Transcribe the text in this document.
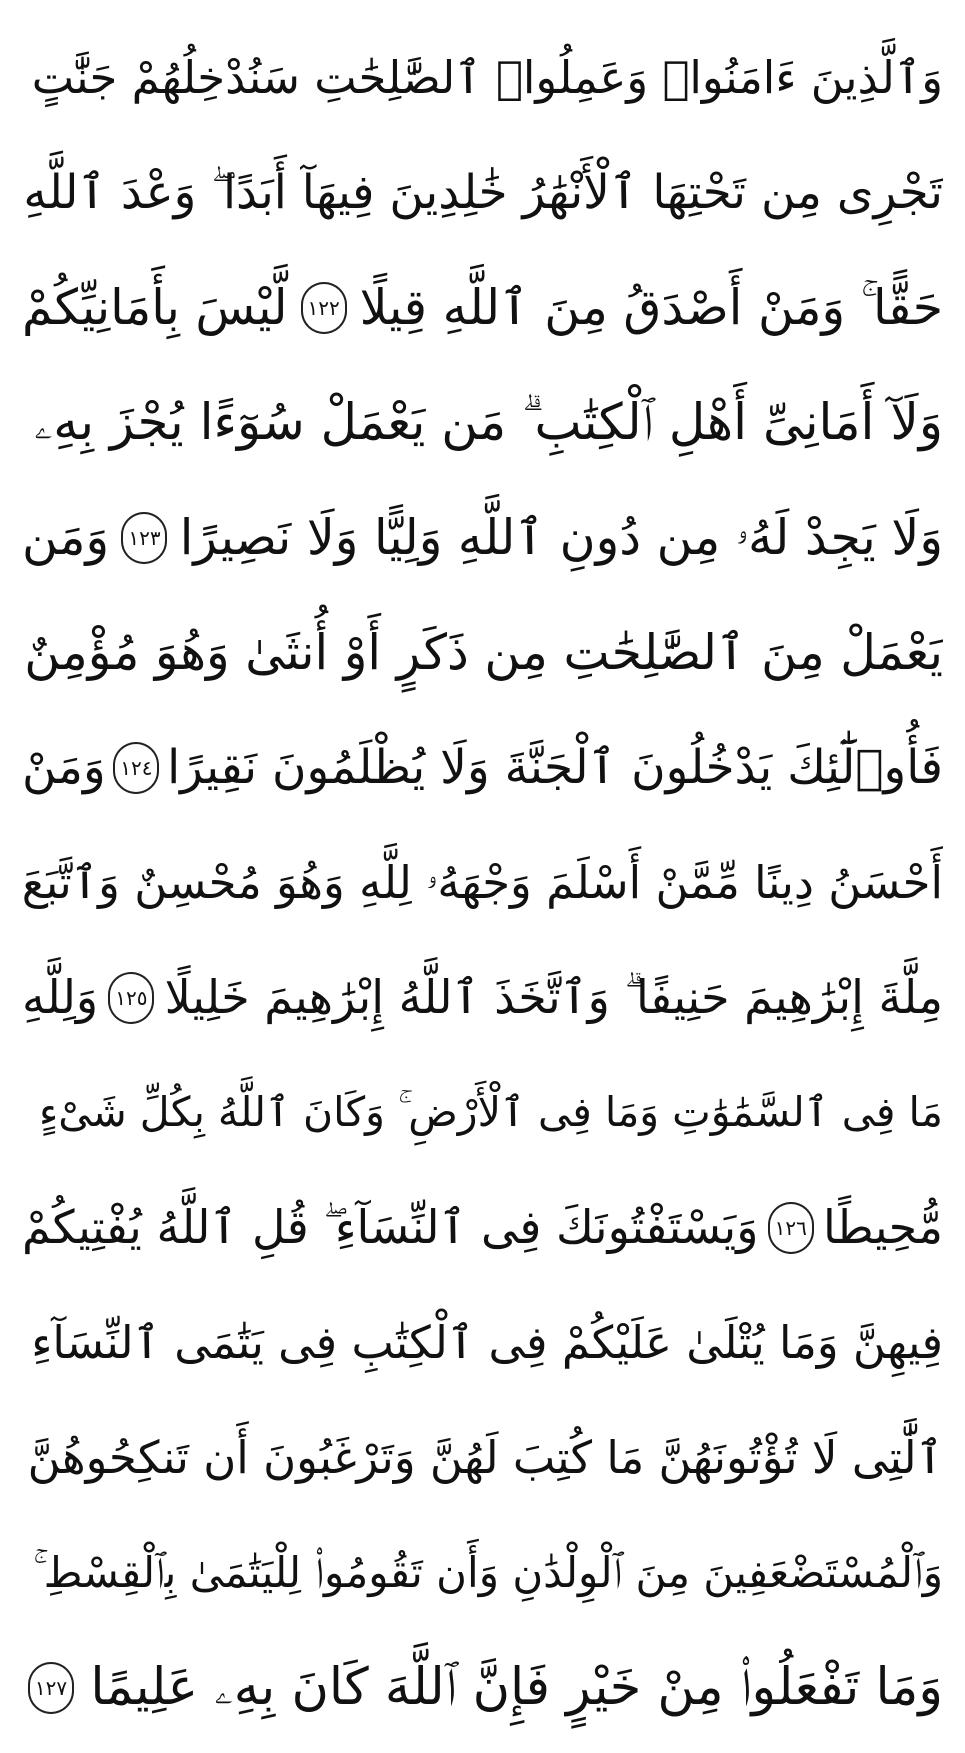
وَٱلَّذِينَ ءَامَنُوا۟ وَعَمِلُوا۟ ٱلصَّٰلِحَٰتِ سَنُدْخِلُهُمْ جَنَّٰتٍ
تَجْرِى مِن تَحْتِهَا ٱلْأَنْهَٰرُ خَٰلِدِينَ فِيهَآ أَبَدًا ۖ وَعْدَ ٱللَّهِ
حَقًّا ۚ وَمَنْ أَصْدَقُ مِنَ ٱللَّهِ قِيلًا
١٢٢
لَّيْسَ بِأَمَانِيِّكُمْ
وَلَآ أَمَانِىِّ أَهْلِ ٱلْكِتَٰبِ ۗ مَن يَعْمَلْ سُوٓءًا يُجْزَ بِهِۦ
وَلَا يَجِدْ لَهُۥ مِن دُونِ ٱللَّهِ وَلِيًّا وَلَا نَصِيرًا
١٢٣
وَمَن
يَعْمَلْ مِنَ ٱلصَّٰلِحَٰتِ مِن ذَكَرٍ أَوْ أُنثَىٰ وَهُوَ مُؤْمِنٌ
فَأُو۟لَٰٓئِكَ يَدْخُلُونَ ٱلْجَنَّةَ وَلَا يُظْلَمُونَ نَقِيرًا
١٢٤
وَمَنْ
أَحْسَنُ دِينًا مِّمَّنْ أَسْلَمَ وَجْهَهُۥ لِلَّهِ وَهُوَ مُحْسِنٌ وَٱتَّبَعَ
مِلَّةَ إِبْرَٰهِيمَ حَنِيفًا ۗ وَٱتَّخَذَ ٱللَّهُ إِبْرَٰهِيمَ خَلِيلًا
١٢٥
وَلِلَّهِ
مَا فِى ٱلسَّمَٰوَٰتِ وَمَا فِى ٱلْأَرْضِ ۚ وَكَانَ ٱللَّهُ بِكُلِّ شَىْءٍ
مُّحِيطًا
١٢٦
وَيَسْتَفْتُونَكَ فِى ٱلنِّسَآءِ ۖ قُلِ ٱللَّهُ يُفْتِيكُمْ
فِيهِنَّ وَمَا يُتْلَىٰ عَلَيْكُمْ فِى ٱلْكِتَٰبِ فِى يَتَٰمَى ٱلنِّسَآءِ
ٱلَّٰتِى لَا تُؤْتُونَهُنَّ مَا كُتِبَ لَهُنَّ وَتَرْغَبُونَ أَن تَنكِحُوهُنَّ
وَٱلْمُسْتَضْعَفِينَ مِنَ ٱلْوِلْدَٰنِ وَأَن تَقُومُوا۟ لِلْيَتَٰمَىٰ بِٱلْقِسْطِ ۚ
وَمَا تَفْعَلُوا۟ مِنْ خَيْرٍ فَإِنَّ ٱللَّهَ كَانَ بِهِۦ عَلِيمًا
١٢٧
